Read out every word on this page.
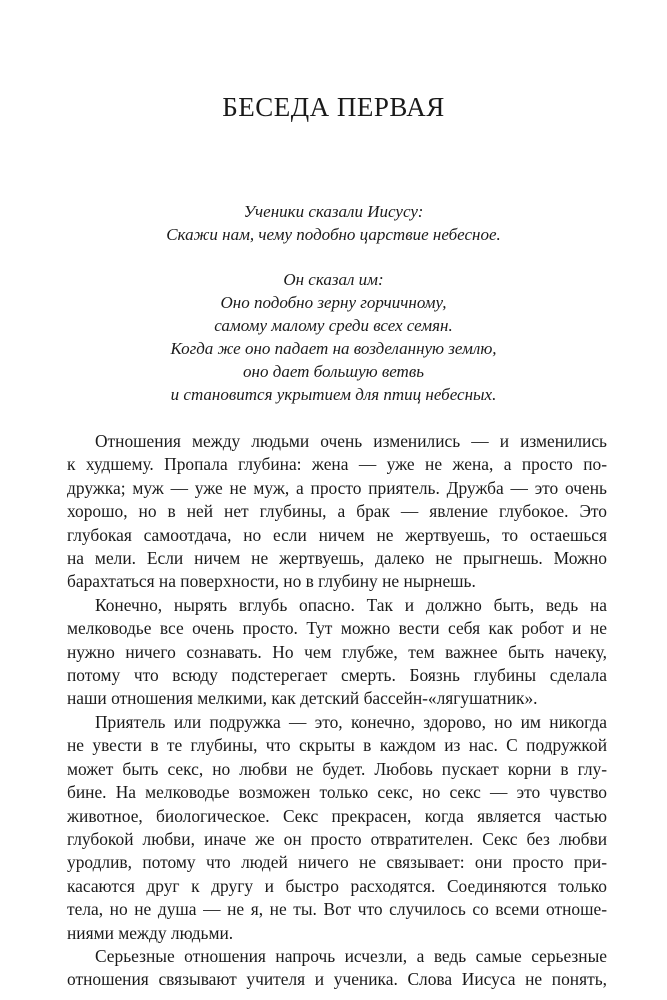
БЕСЕДА ПЕРВАЯ

Ученики сказали Иисусу:
Скажи нам, чему подобно царствие небесное.

Он сказал им:
Оно подобно зерну горчичному,
самому малому среди всех семян.
Когда же оно падает на возделанную землю,
оно дает большую ветвь
и становится укрытием для птиц небесных.

Отношения между людьми очень изменились — и изменились
к худшему. Пропала глубина: жена — уже не жена, а просто по-
дружка; муж — уже не муж, а просто приятель. Дружба — это очень
хорошо, но в ней нет глубины, а брак — явление глубокое. Это
глубокая самоотдача, но если ничем не жертвуешь, то остаешься
на мели. Если ничем не жертвуешь, далеко не прыгнешь. Можно
барахтаться на поверхности, но в глубину не нырнешь.

Конечно, нырять вглубь опасно. Так и должно быть, ведь на
мелководье все очень просто. Тут можно вести себя как робот и не
нужно ничего сознавать. Но чем глубже, тем важнее быть начеку,
потому что всюду подстерегает смерть. Боязнь глубины сделала
наши отношения мелкими, как детский бассейн-«лягушатник».

Приятель или подружка — это, конечно, здорово, но им никогда
не увести в те глубины, что скрыты в каждом из нас. С подружкой
может быть секс, но любви не будет. Любовь пускает корни в глу-
бине. На мелководье возможен только секс, но секс — это чувство
животное, биологическое. Секс прекрасен, когда является частью
глубокой любви, иначе же он просто отвратителен. Секс без любви
уродлив, потому что людей ничего не связывает: они просто при-
касаются друг к другу и быстро расходятся. Соединяются только
тела, но не душа — не я, не ты. Вот что случилось со всеми отноше-
ниями между людьми.

Серьезные отношения напрочь исчезли, а ведь самые серьезные
отношения связывают учителя и ученика. Слова Иисуса не понять,
